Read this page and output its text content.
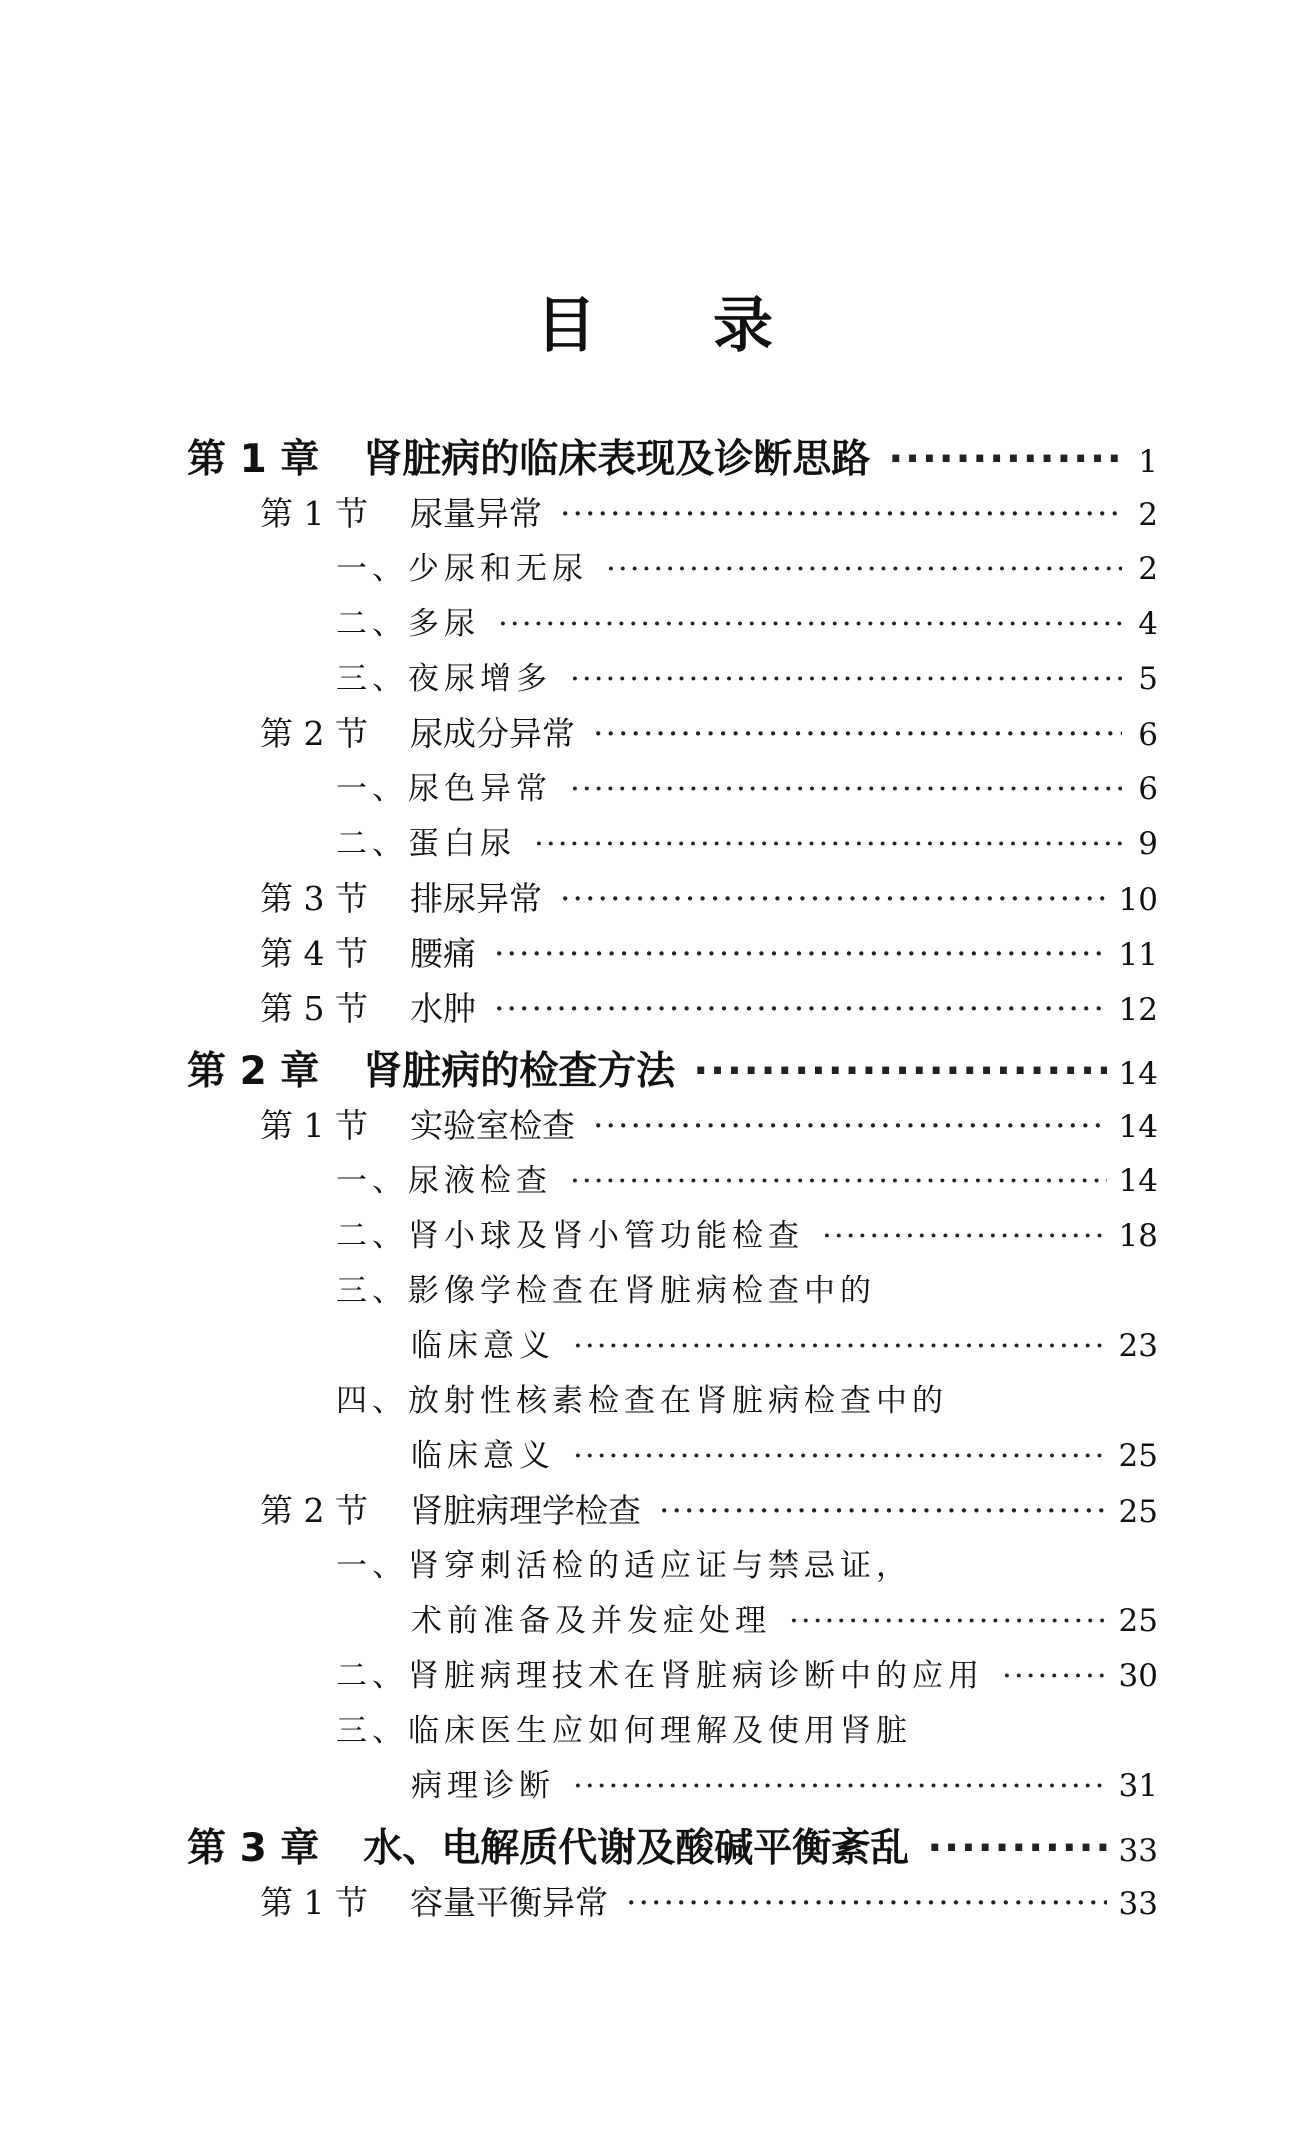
目 录
第 1 章 肾脏病的临床表现及诊断思路 ·····	1
第 1 节 尿量异常 ·····	2
一、少尿和无尿 ·····	2
二、多尿 ·····	4
三、夜尿增多 ·····	5
第 2 节 尿成分异常 ·····	6
一、尿色异常 ·····	6
二、蛋白尿 ·····	9
第 3 节 排尿异常 ·····	10
第 4 节 腰痛 ·····	11
第 5 节 水肿 ·····	12
第 2 章 肾脏病的检查方法 ·····	14
第 1 节 实验室检查 ·····	14
一、尿液检查 ·····	14
二、肾小球及肾小管功能检查 ·····	18
三、影像学检查在肾脏病检查中的
临床意义 ·····	23
四、放射性核素检查在肾脏病检查中的
临床意义 ·····	25
第 2 节 肾脏病理学检查 ·····	25
一、肾穿刺活检的适应证与禁忌证，
术前准备及并发症处理 ·····	25
二、肾脏病理技术在肾脏病诊断中的应用 ·····	30
三、临床医生应如何理解及使用肾脏
病理诊断 ·····	31
第 3 章 水、电解质代谢及酸碱平衡紊乱 ·····	33
第 1 节 容量平衡异常 ·····	33
